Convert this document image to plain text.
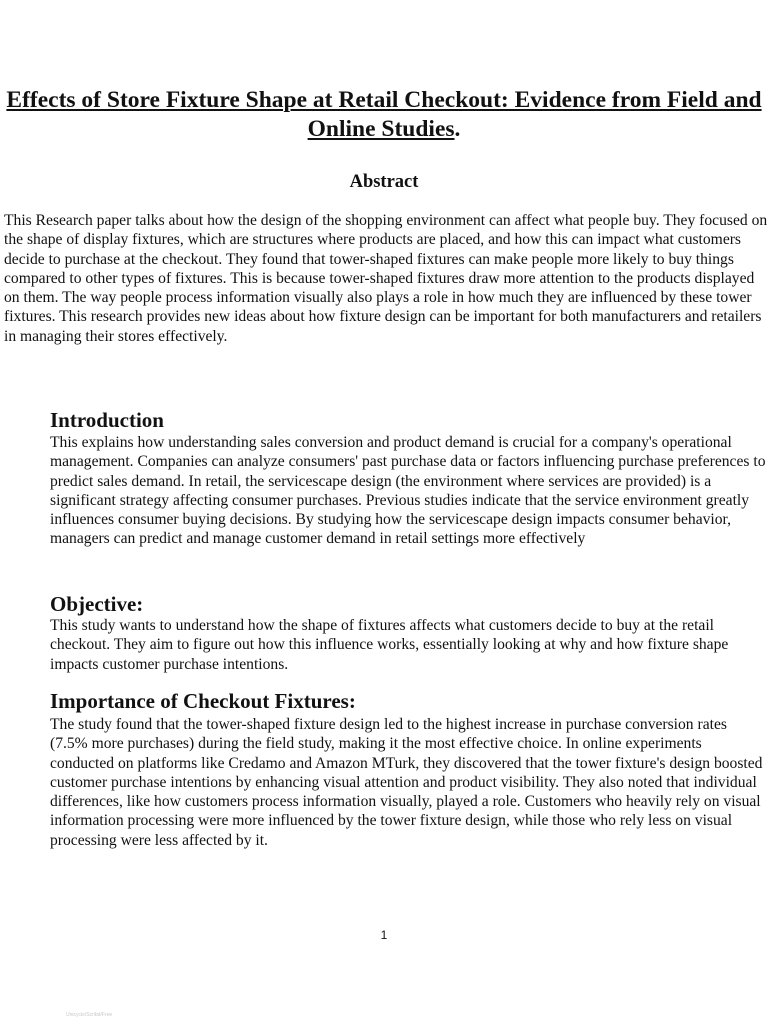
Effects of Store Fixture Shape at Retail Checkout: Evidence from Field and Online Studies.
Abstract

This Research paper talks about how the design of the shopping environment can affect what people buy. They focused on the shape of display fixtures, which are structures where products are placed, and how this can impact what customers decide to purchase at the checkout. They found that tower-shaped fixtures can make people more likely to buy things compared to other types of fixtures. This is because tower-shaped fixtures draw more attention to the products displayed on them. The way people process information visually also plays a role in how much they are influenced by these tower fixtures. This research provides new ideas about how fixture design can be important for both manufacturers and retailers in managing their stores effectively.

Introduction

This explains how understanding sales conversion and product demand is crucial for a company's operational management. Companies can analyze consumers' past purchase data or factors influencing purchase preferences to predict sales demand. In retail, the servicescape design (the environment where services are provided) is a significant strategy affecting consumer purchases. Previous studies indicate that the service environment greatly influences consumer buying decisions. By studying how the servicescape design impacts consumer behavior, managers can predict and manage customer demand in retail settings more effectively

Objective:

This study wants to understand how the shape of fixtures affects what customers decide to buy at the retail checkout. They aim to figure out how this influence works, essentially looking at why and how fixture shape impacts customer purchase intentions.

Importance of Checkout Fixtures:

The study found that the tower-shaped fixture design led to the highest increase in purchase conversion rates (7.5% more purchases) during the field study, making it the most effective choice. In online experiments conducted on platforms like Credamo and Amazon MTurk, they discovered that the tower fixture's design boosted customer purchase intentions by enhancing visual attention and product visibility. They also noted that individual differences, like how customers process information visually, played a role. Customers who heavily rely on visual information processing were more influenced by the tower fixture design, while those who rely less on visual processing were less affected by it.

1
Unicycle/Scribd/Free
